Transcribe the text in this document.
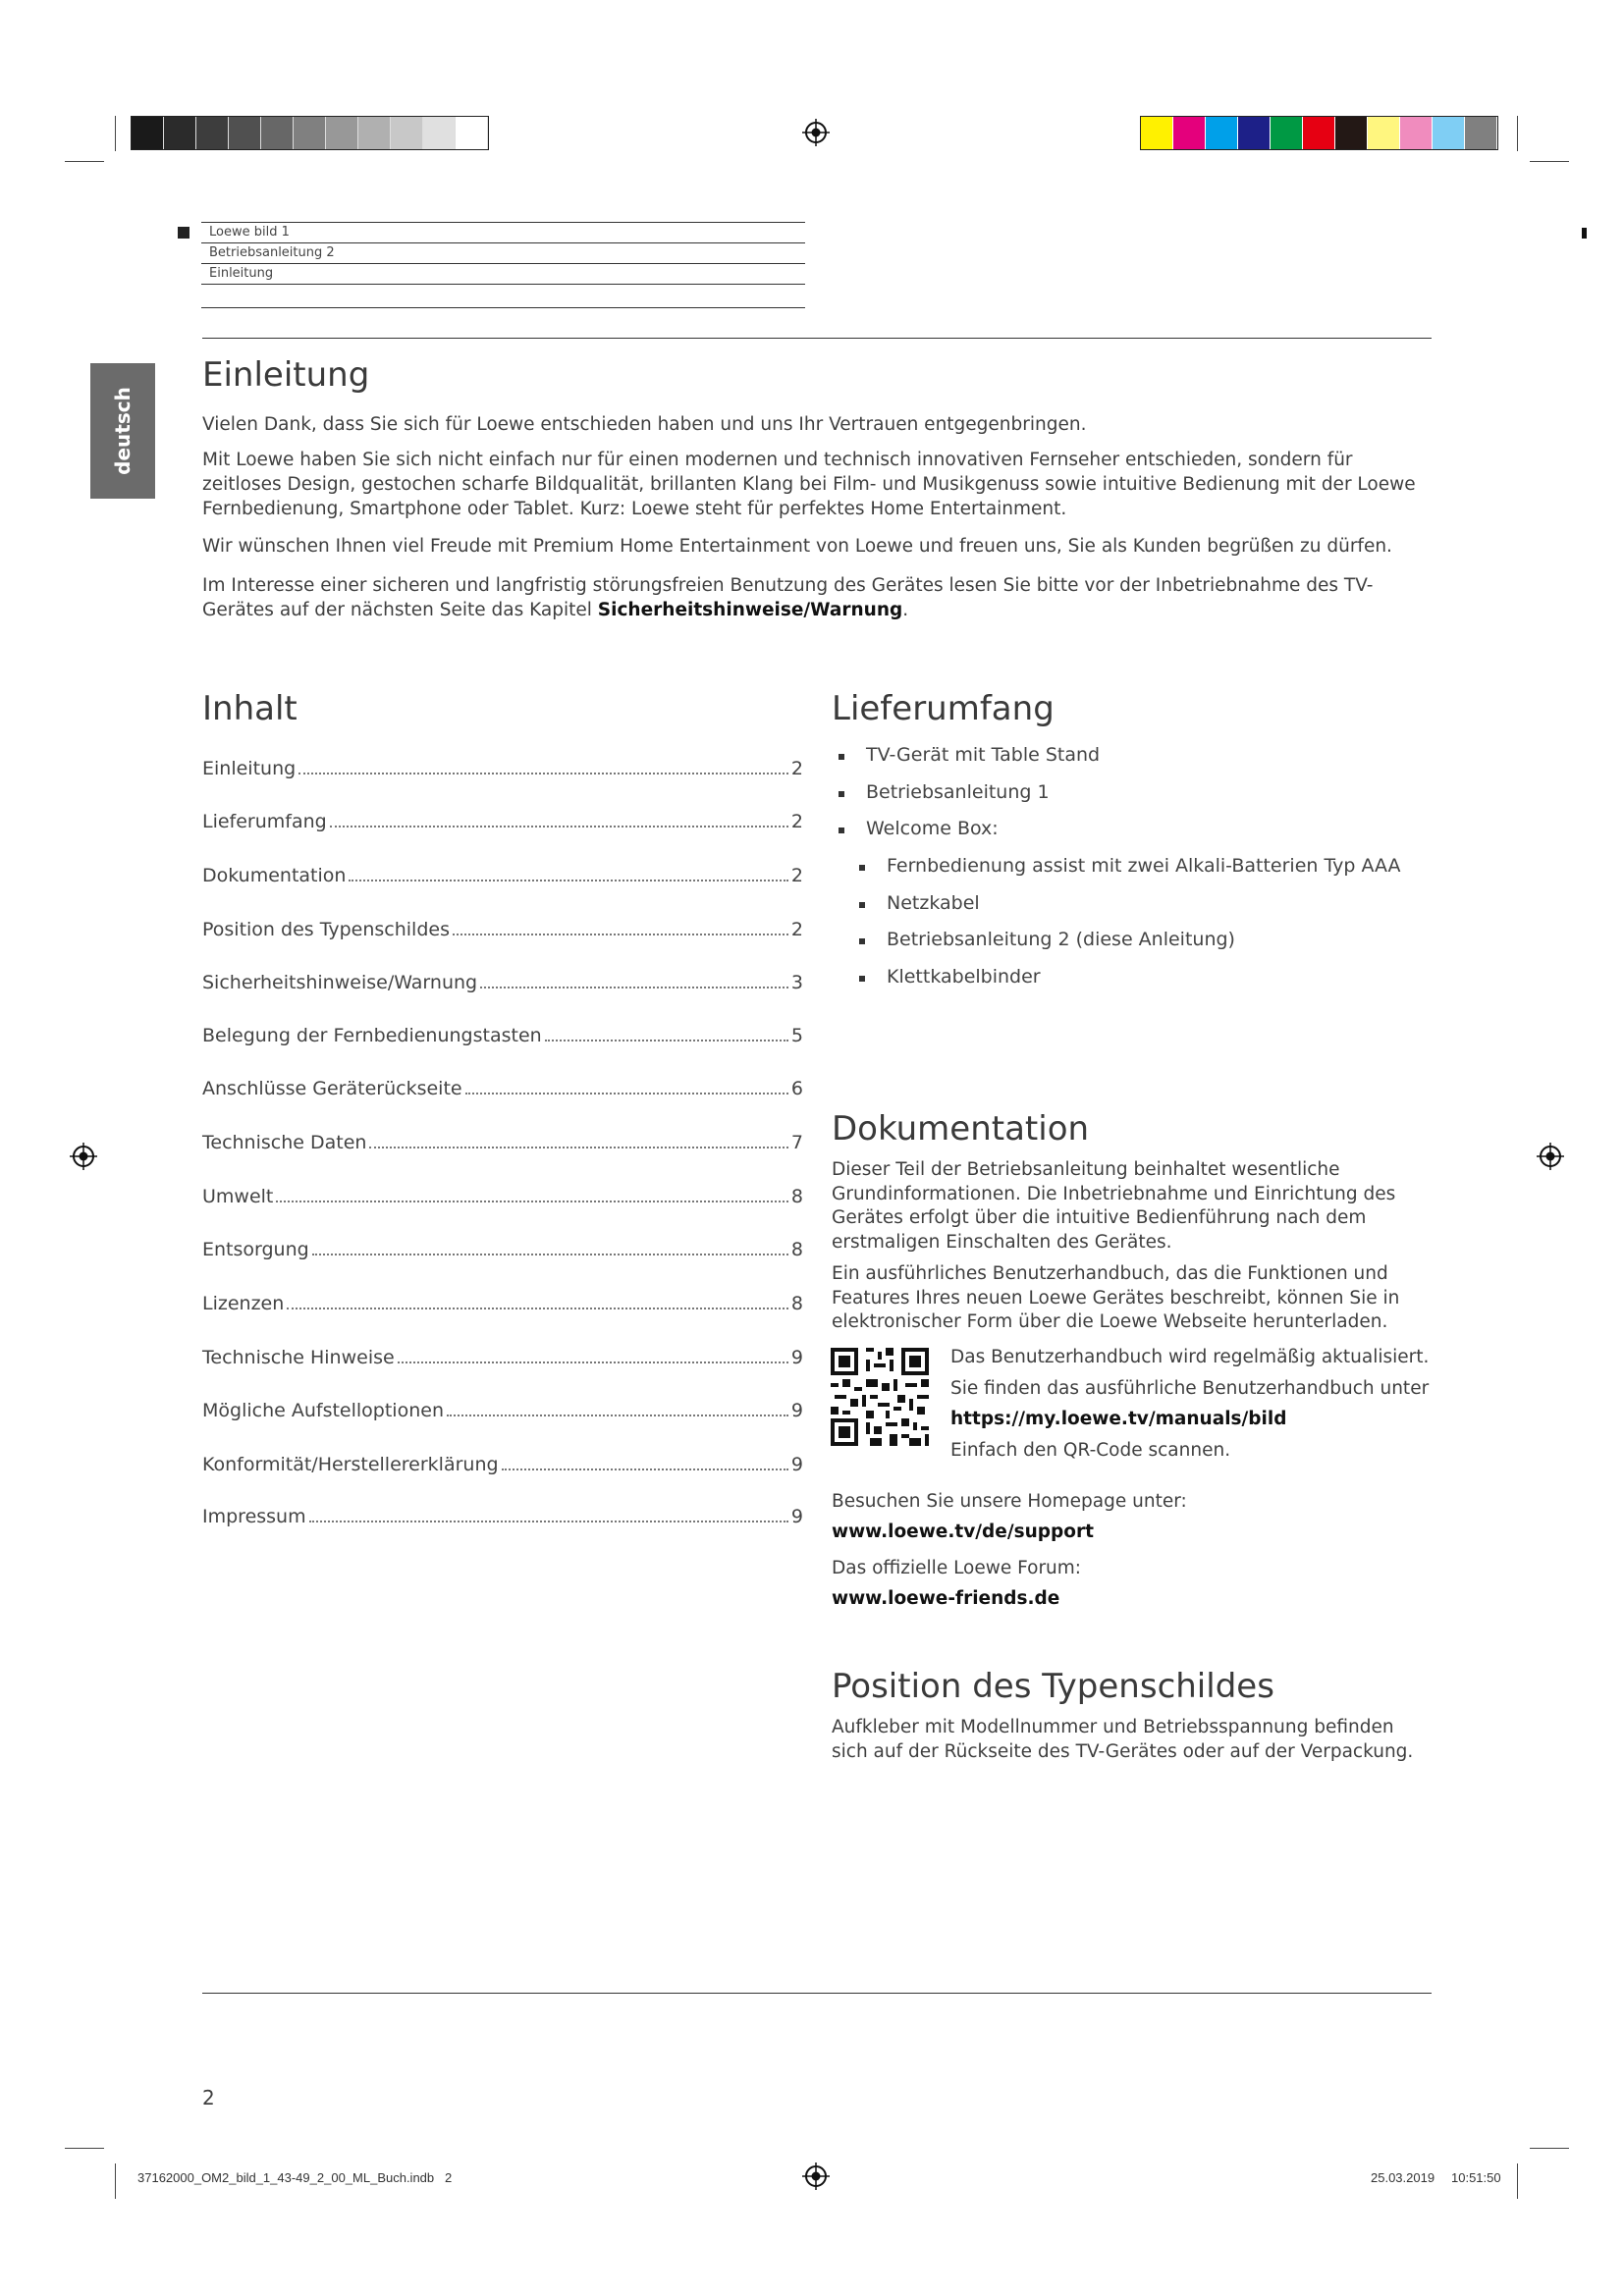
Loewe bild 1
Betriebsanleitung 2
Einleitung
deutsch
Einleitung
Vielen Dank, dass Sie sich für Loewe entschieden haben und uns Ihr Vertrauen entgegenbringen.
Mit Loewe haben Sie sich nicht einfach nur für einen modernen und technisch innovativen Fernseher entschieden, sondern für zeitloses Design, gestochen scharfe Bildqualität, brillanten Klang bei Film- und Musikgenuss sowie intuitive Bedienung mit der Loewe Fernbedienung, Smartphone oder Tablet. Kurz: Loewe steht für perfektes Home Entertainment.
Wir wünschen Ihnen viel Freude mit Premium Home Entertainment von Loewe und freuen uns, Sie als Kunden begrüßen zu dürfen.
Im Interesse einer sicheren und langfristig störungsfreien Benutzung des Gerätes lesen Sie bitte vor der Inbetriebnahme des TV-Gerätes auf der nächsten Seite das Kapitel Sicherheitshinweise/Warnung.
Inhalt
Einleitung	2
Lieferumfang	2
Dokumentation	2
Position des Typenschildes	2
Sicherheitshinweise/Warnung	3
Belegung der Fernbedienungstasten	5
Anschlüsse Geräterückseite	6
Technische Daten	7
Umwelt	8
Entsorgung	8
Lizenzen	8
Technische Hinweise	9
Mögliche Aufstelloptionen	9
Konformität/Herstellererklärung	9
Impressum	9
Lieferumfang
TV-Gerät mit Table Stand
Betriebsanleitung 1
Welcome Box:
Fernbedienung assist mit zwei Alkali-Batterien Typ AAA
Netzkabel
Betriebsanleitung 2 (diese Anleitung)
Klettkabelbinder
Dokumentation
Dieser Teil der Betriebsanleitung beinhaltet wesentliche Grundinformationen. Die Inbetriebnahme und Einrichtung des Gerätes erfolgt über die intuitive Bedienführung nach dem erstmaligen Einschalten des Gerätes.
Ein ausführliches Benutzerhandbuch, das die Funktionen und Features Ihres neuen Loewe Gerätes beschreibt, können Sie in elektronischer Form über die Loewe Webseite herunterladen.
Das Benutzerhandbuch wird regelmäßig aktualisiert.
Sie finden das ausführliche Benutzerhandbuch unter
https://my.loewe.tv/manuals/bild
Einfach den QR-Code scannen.
Besuchen Sie unsere Homepage unter:
www.loewe.tv/de/support
Das offizielle Loewe Forum:
www.loewe-friends.de
Position des Typenschildes
Aufkleber mit Modellnummer und Betriebsspannung befinden sich auf der Rückseite des TV-Gerätes oder auf der Verpackung.
2
37162000_OM2_bild_1_43-49_2_00_ML_Buch.indb   2	25.03.2019 10:51:50
